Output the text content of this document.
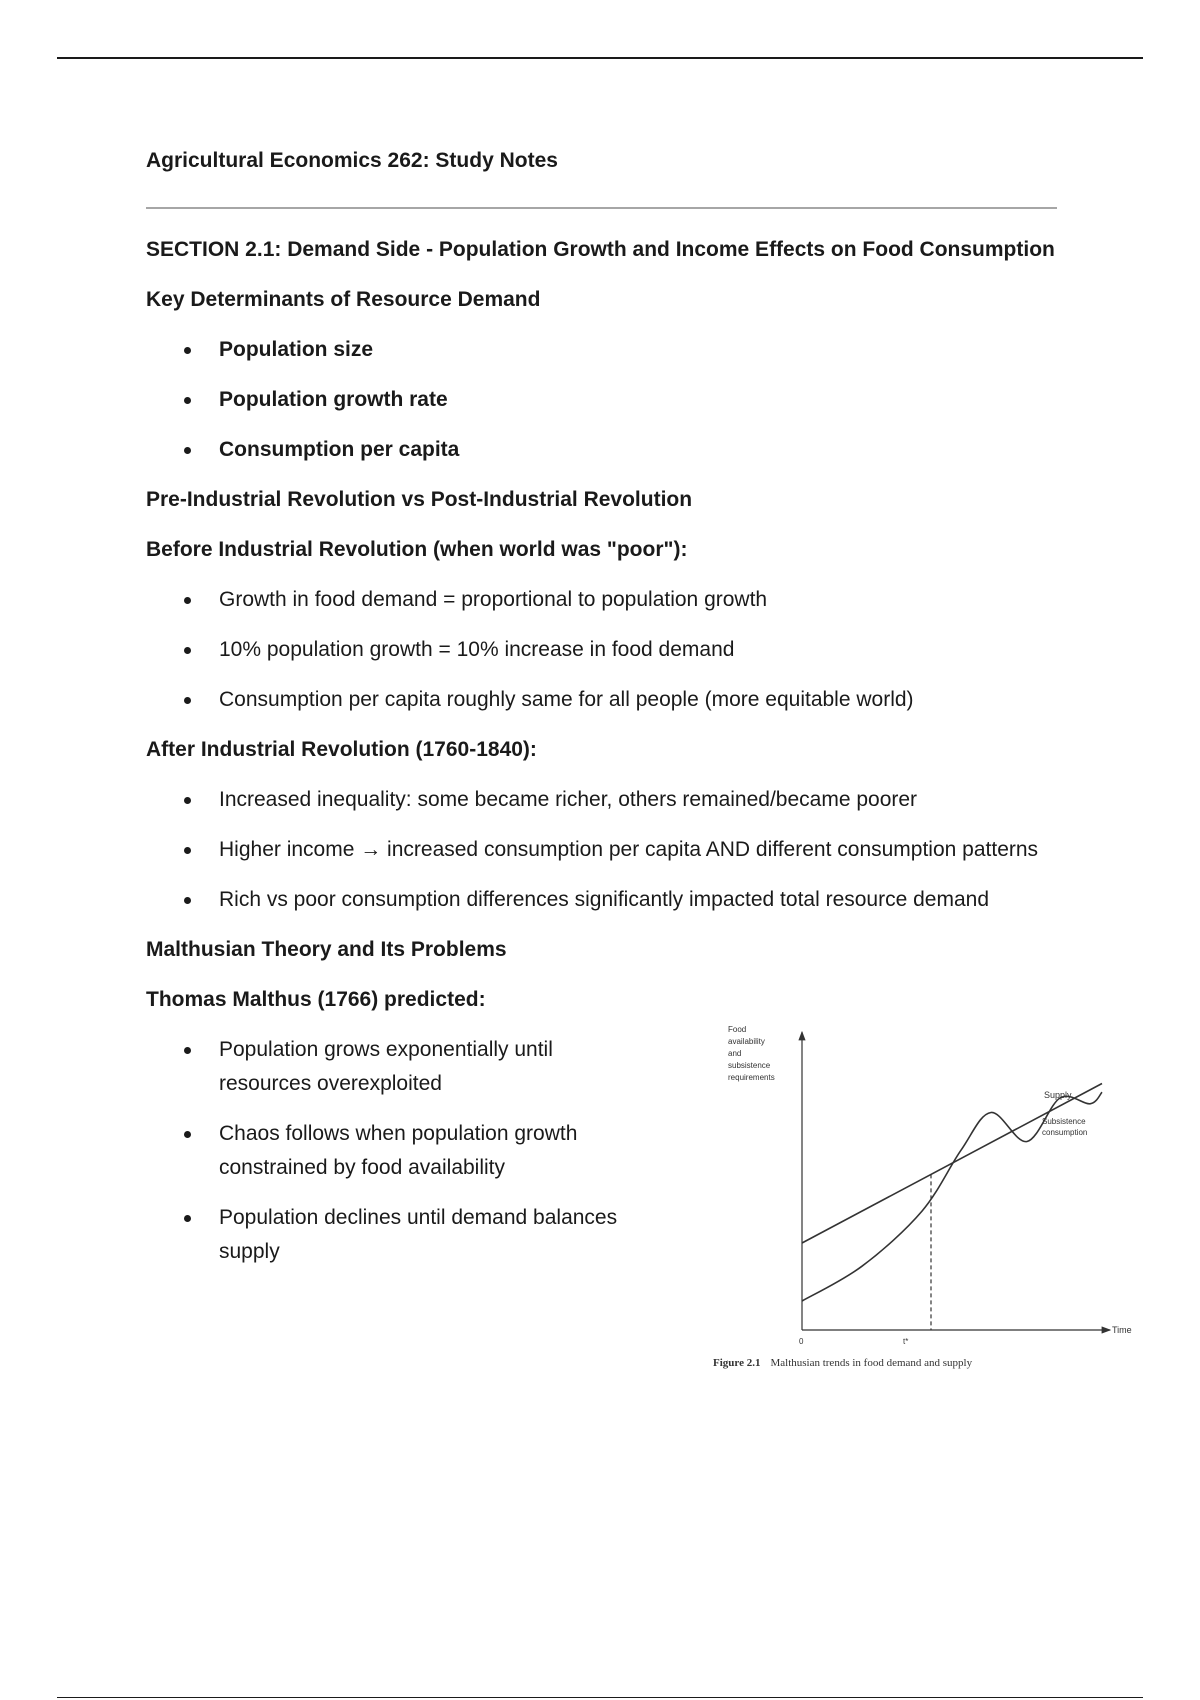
Agricultural Economics 262: Study Notes
SECTION 2.1: Demand Side - Population Growth and Income Effects on Food Consumption
Key Determinants of Resource Demand
Population size
Population growth rate
Consumption per capita
Pre-Industrial Revolution vs Post-Industrial Revolution
Before Industrial Revolution (when world was "poor"):
Growth in food demand = proportional to population growth
10% population growth = 10% increase in food demand
Consumption per capita roughly same for all people (more equitable world)
After Industrial Revolution (1760-1840):
Increased inequality: some became richer, others remained/became poorer
Higher income → increased consumption per capita AND different consumption patterns
Rich vs poor consumption differences significantly impacted total resource demand
Malthusian Theory and Its Problems
Thomas Malthus (1766) predicted:
Population grows exponentially until resources overexploited
Chaos follows when population growth constrained by food availability
Population declines until demand balances supply
Food
availability
and
subsistence
requirements
Time
0	t*
Supply
Subsistence
consumption
Figure 2.1 Malthusian trends in food demand and supply
